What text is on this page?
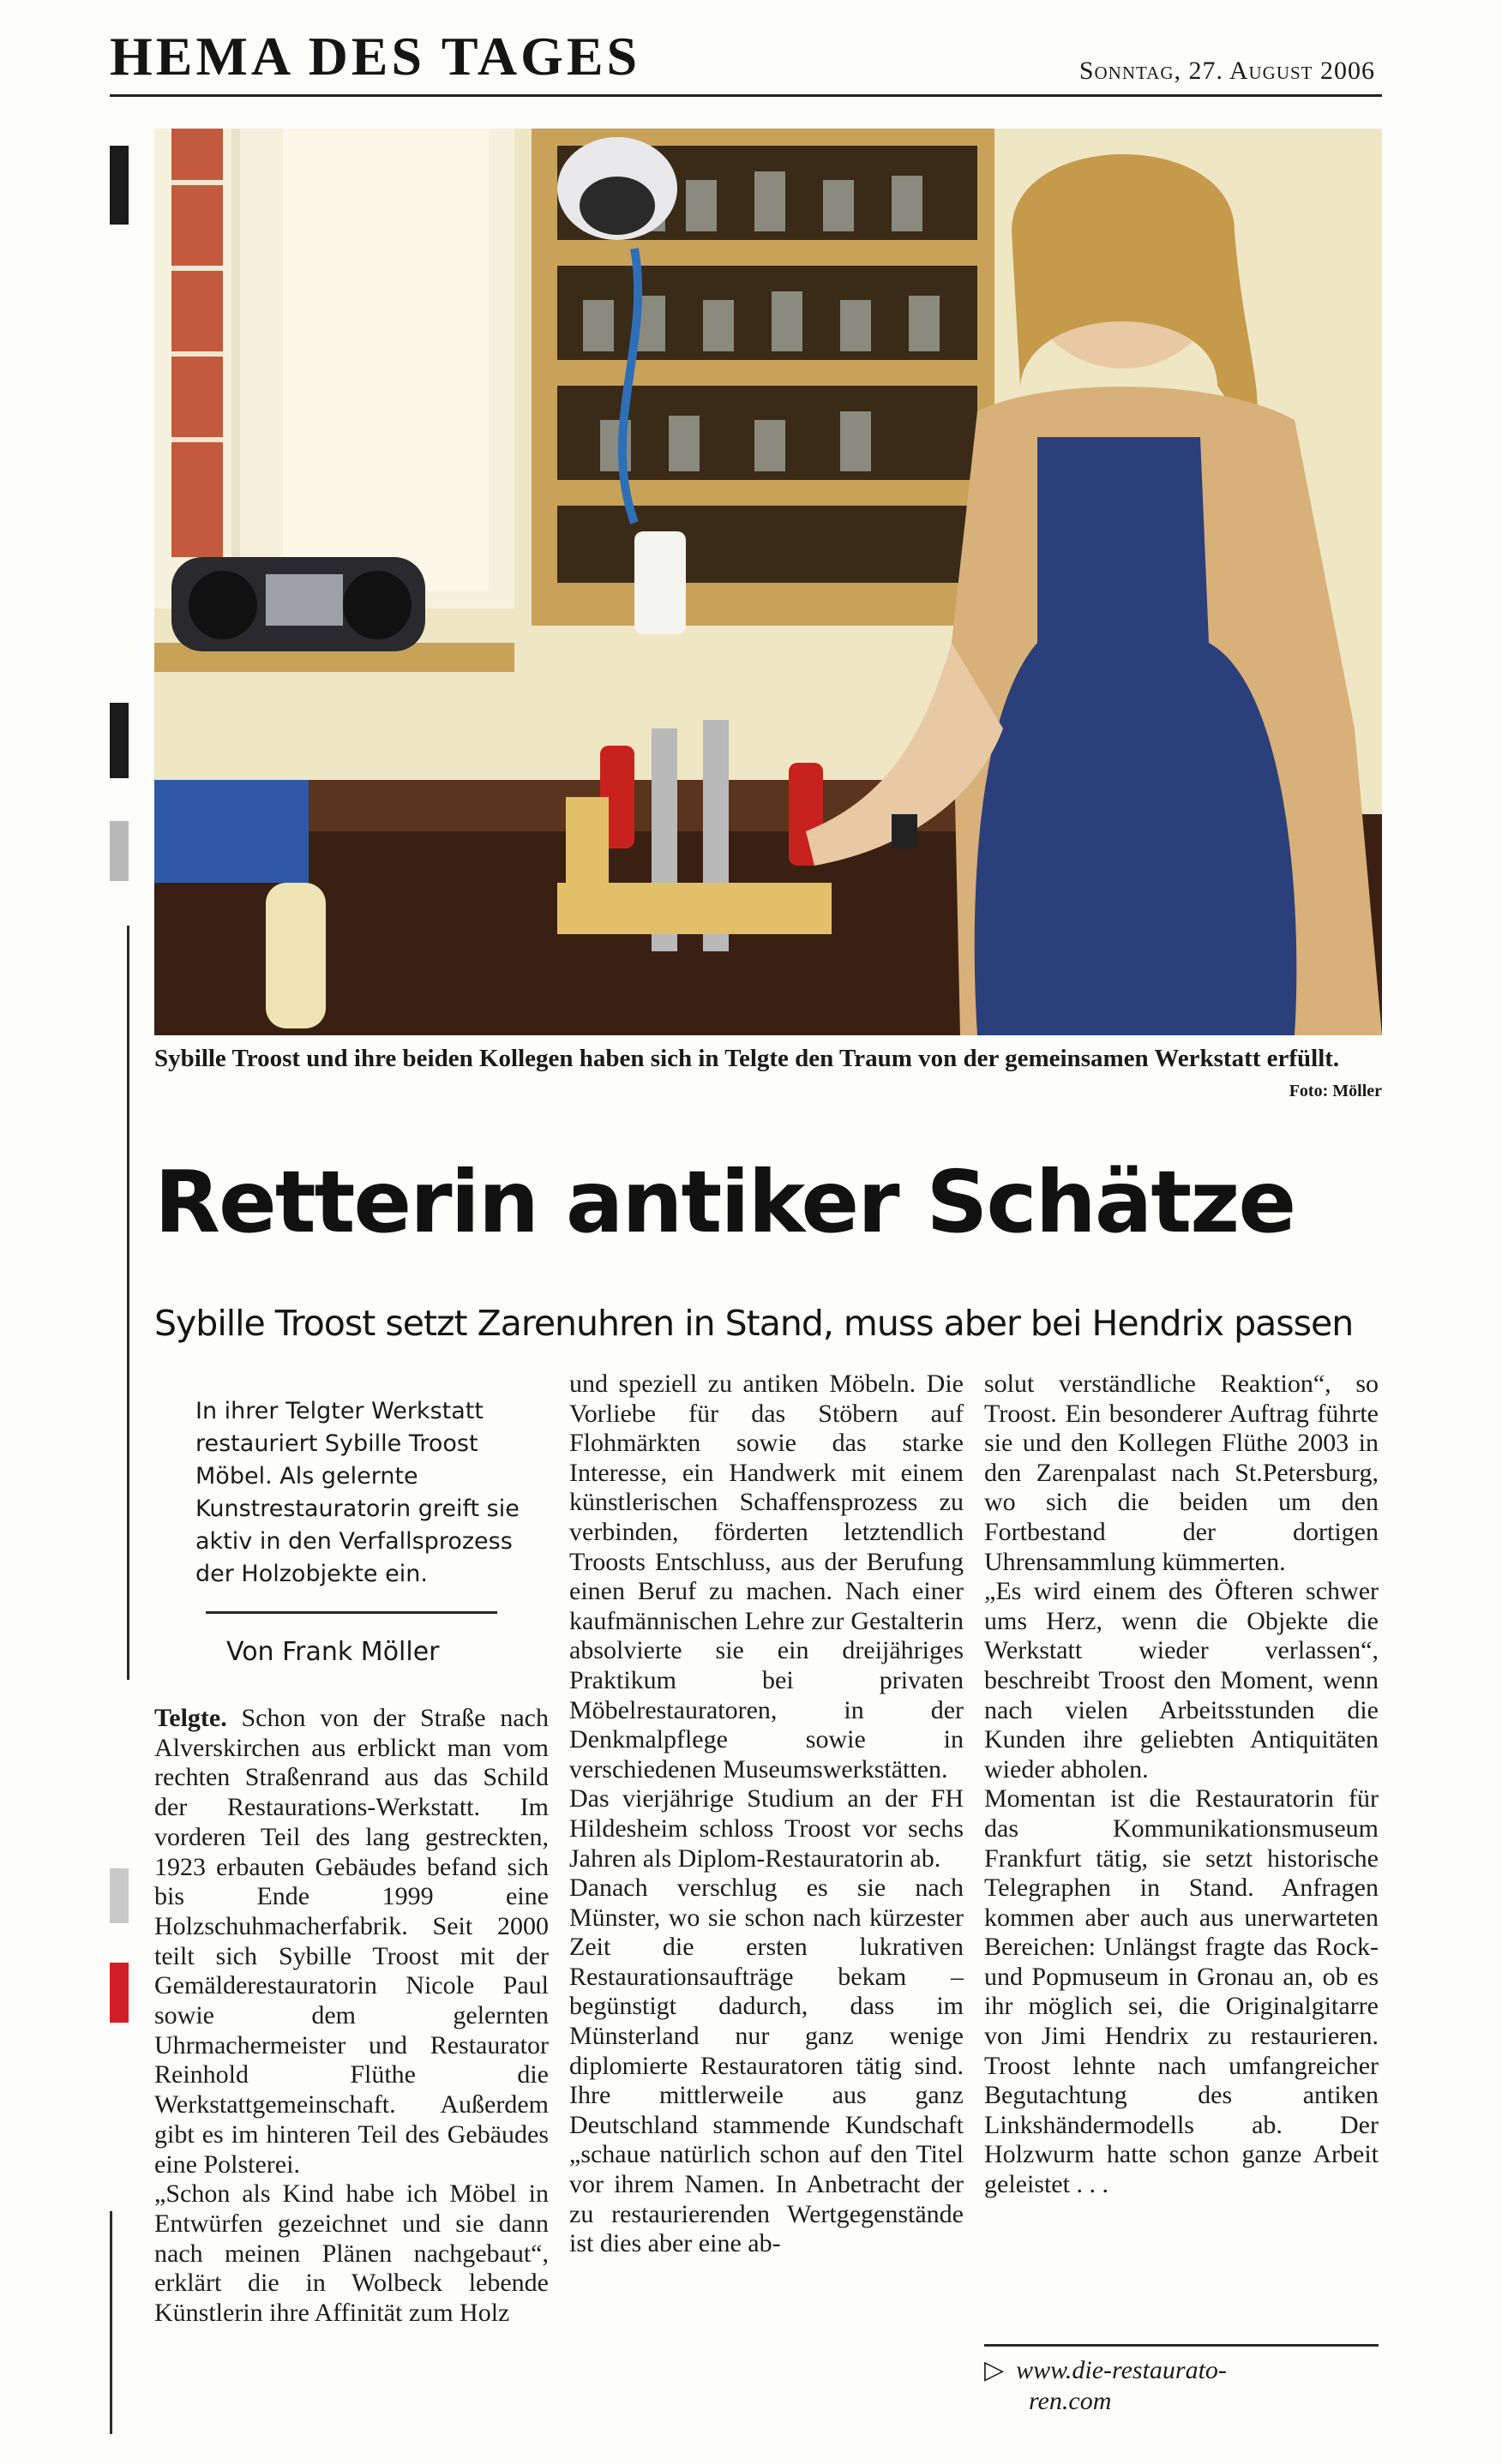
HEMA DES TAGES	Sonntag, 27. August 2006
Sybille Troost und ihre beiden Kollegen haben sich in Telgte den Traum von der gemeinsamen Werkstatt erfüllt.
Foto: Möller
Retterin antiker Schätze
Sybille Troost setzt Zarenuhren in Stand, muss aber bei Hendrix passen
In ihrer Telgter Werkstatt restauriert Sybille Troost Möbel. Als gelernte Kunstrestauratorin greift sie aktiv in den Verfallsprozess der Holzobjekte ein.
Von Frank Möller

Telgte. Schon von der Straße nach Alverskirchen aus erblickt man vom rechten Straßenrand aus das Schild der Restaurations-Werkstatt. Im vorderen Teil des lang gestreckten, 1923 erbauten Gebäudes befand sich bis Ende 1999 eine Holzschuhmacherfabrik. Seit 2000 teilt sich Sybille Troost mit der Gemälderestauratorin Nicole Paul sowie dem gelernten Uhrmachermeister und Restaurator Reinhold Flüthe die Werkstattgemeinschaft. Außerdem gibt es im hinteren Teil des Gebäudes eine Polsterei.

„Schon als Kind habe ich Möbel in Entwürfen gezeichnet und sie dann nach meinen Plänen nachgebaut“, erklärt die in Wolbeck lebende Künstlerin ihre Affinität zum Holz

und speziell zu antiken Möbeln. Die Vorliebe für das Stöbern auf Flohmärkten sowie das starke Interesse, ein Handwerk mit einem künstlerischen Schaffensprozess zu verbinden, förderten letztendlich Troosts Entschluss, aus der Berufung einen Beruf zu machen. Nach einer kaufmännischen Lehre zur Gestalterin absolvierte sie ein dreijähriges Praktikum bei privaten Möbelrestauratoren, in der Denkmalpflege sowie in verschiedenen Museumswerkstätten.

Das vierjährige Studium an der FH Hildesheim schloss Troost vor sechs Jahren als Diplom-Restauratorin ab.

Danach verschlug es sie nach Münster, wo sie schon nach kürzester Zeit die ersten lukrativen Restaurationsaufträge bekam – begünstigt dadurch, dass im Münsterland nur ganz wenige diplomierte Restauratoren tätig sind. Ihre mittlerweile aus ganz Deutschland stammende Kundschaft „schaue natürlich schon auf den Titel vor ihrem Namen. In Anbetracht der zu restaurierenden Wertgegenstände ist dies aber eine ab-

solut verständliche Reaktion“, so Troost. Ein besonderer Auftrag führte sie und den Kollegen Flüthe 2003 in den Zarenpalast nach St.Petersburg, wo sich die beiden um den Fortbestand der dortigen Uhrensammlung kümmerten.

„Es wird einem des Öfteren schwer ums Herz, wenn die Objekte die Werkstatt wieder verlassen“, beschreibt Troost den Moment, wenn nach vielen Arbeitsstunden die Kunden ihre geliebten Antiquitäten wieder abholen.

Momentan ist die Restauratorin für das Kommunikationsmuseum Frankfurt tätig, sie setzt historische Telegraphen in Stand. Anfragen kommen aber auch aus unerwarteten Bereichen: Unlängst fragte das Rock- und Popmuseum in Gronau an, ob es ihr möglich sei, die Originalgitarre von Jimi Hendrix zu restaurieren. Troost lehnte nach umfangreicher Begutachtung des antiken Linkshändermodells ab. Der Holzwurm hatte schon ganze Arbeit geleistet . . .

▷ www.die-restaurato-
ren.com
